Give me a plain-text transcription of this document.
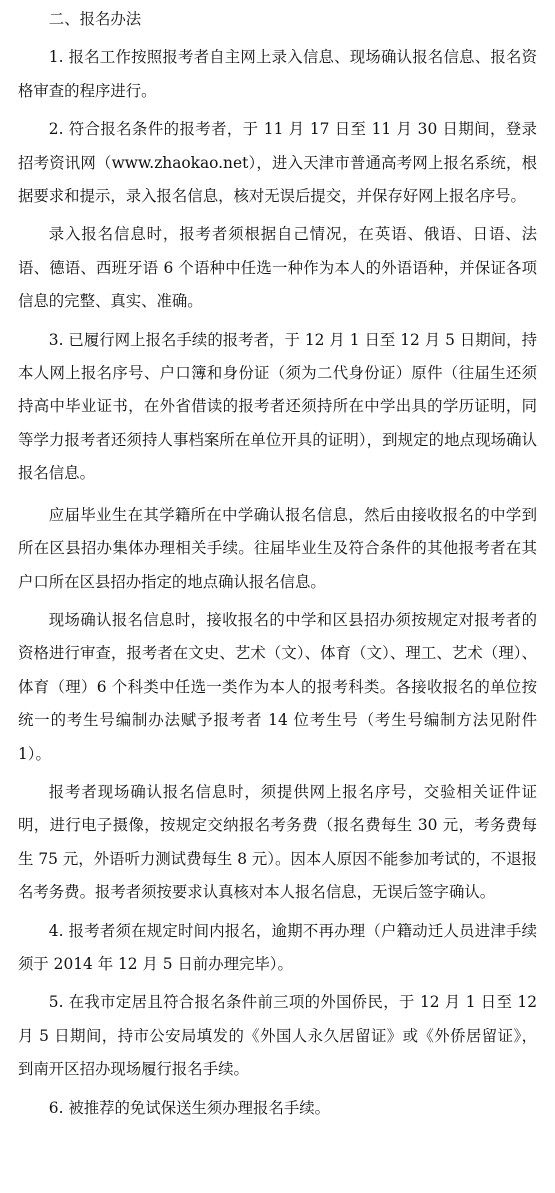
二、报名办法

1. 报名工作按照报考者自主网上录入信息、现场确认报名信息、报名资格审查的程序进行。

2. 符合报名条件的报考者，于 11 月 17 日至 11 月 30 日期间，登录招考资讯网（www.zhaokao.net），进入天津市普通高考网上报名系统，根据要求和提示，录入报名信息，核对无误后提交，并保存好网上报名序号。

录入报名信息时，报考者须根据自己情况，在英语、俄语、日语、法语、德语、西班牙语 6 个语种中任选一种作为本人的外语语种，并保证各项信息的完整、真实、准确。

3. 已履行网上报名手续的报考者，于 12 月 1 日至 12 月 5 日期间，持本人网上报名序号、户口簿和身份证（须为二代身份证）原件（往届生还须持高中毕业证书，在外省借读的报考者还须持所在中学出具的学历证明，同等学力报考者还须持人事档案所在单位开具的证明），到规定的地点现场确认报名信息。

应届毕业生在其学籍所在中学确认报名信息，然后由接收报名的中学到所在区县招办集体办理相关手续。往届毕业生及符合条件的其他报考者在其户口所在区县招办指定的地点确认报名信息。

现场确认报名信息时，接收报名的中学和区县招办须按规定对报考者的资格进行审查，报考者在文史、艺术（文）、体育（文）、理工、艺术（理）、体育（理）6 个科类中任选一类作为本人的报考科类。各接收报名的单位按统一的考生号编制办法赋予报考者 14 位考生号（考生号编制方法见附件 1）。

报考者现场确认报名信息时，须提供网上报名序号，交验相关证件证明，进行电子摄像，按规定交纳报名考务费（报名费每生 30 元，考务费每生 75 元，外语听力测试费每生 8 元）。因本人原因不能参加考试的，不退报名考务费。报考者须按要求认真核对本人报名信息，无误后签字确认。

4. 报考者须在规定时间内报名，逾期不再办理（户籍动迁人员进津手续须于 2014 年 12 月 5 日前办理完毕）。

5. 在我市定居且符合报名条件前三项的外国侨民，于 12 月 1 日至 12 月 5 日期间，持市公安局填发的《外国人永久居留证》或《外侨居留证》，到南开区招办现场履行报名手续。

6. 被推荐的免试保送生须办理报名手续。
